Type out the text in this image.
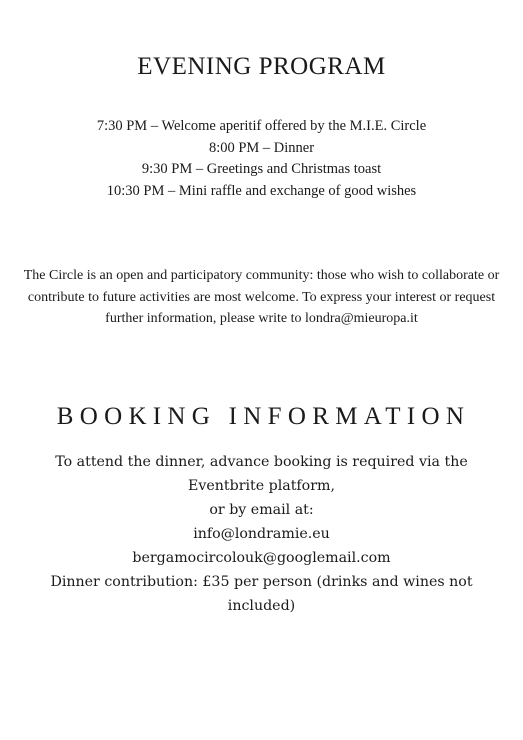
EVENING PROGRAM
7:30 PM – Welcome aperitif offered by the M.I.E. Circle
8:00 PM – Dinner
9:30 PM – Greetings and Christmas toast
10:30 PM – Mini raffle and exchange of good wishes

The Circle is an open and participatory community: those who wish to collaborate or contribute to future activities are most welcome. To express your interest or request further information, please write to londra@mieuropa.it

BOOKING INFORMATION
To attend the dinner, advance booking is required via the Eventbrite platform,
or by email at:
info@londramie.eu
bergamocircolouk@googlemail.com
Dinner contribution: £35 per person (drinks and wines not included)
